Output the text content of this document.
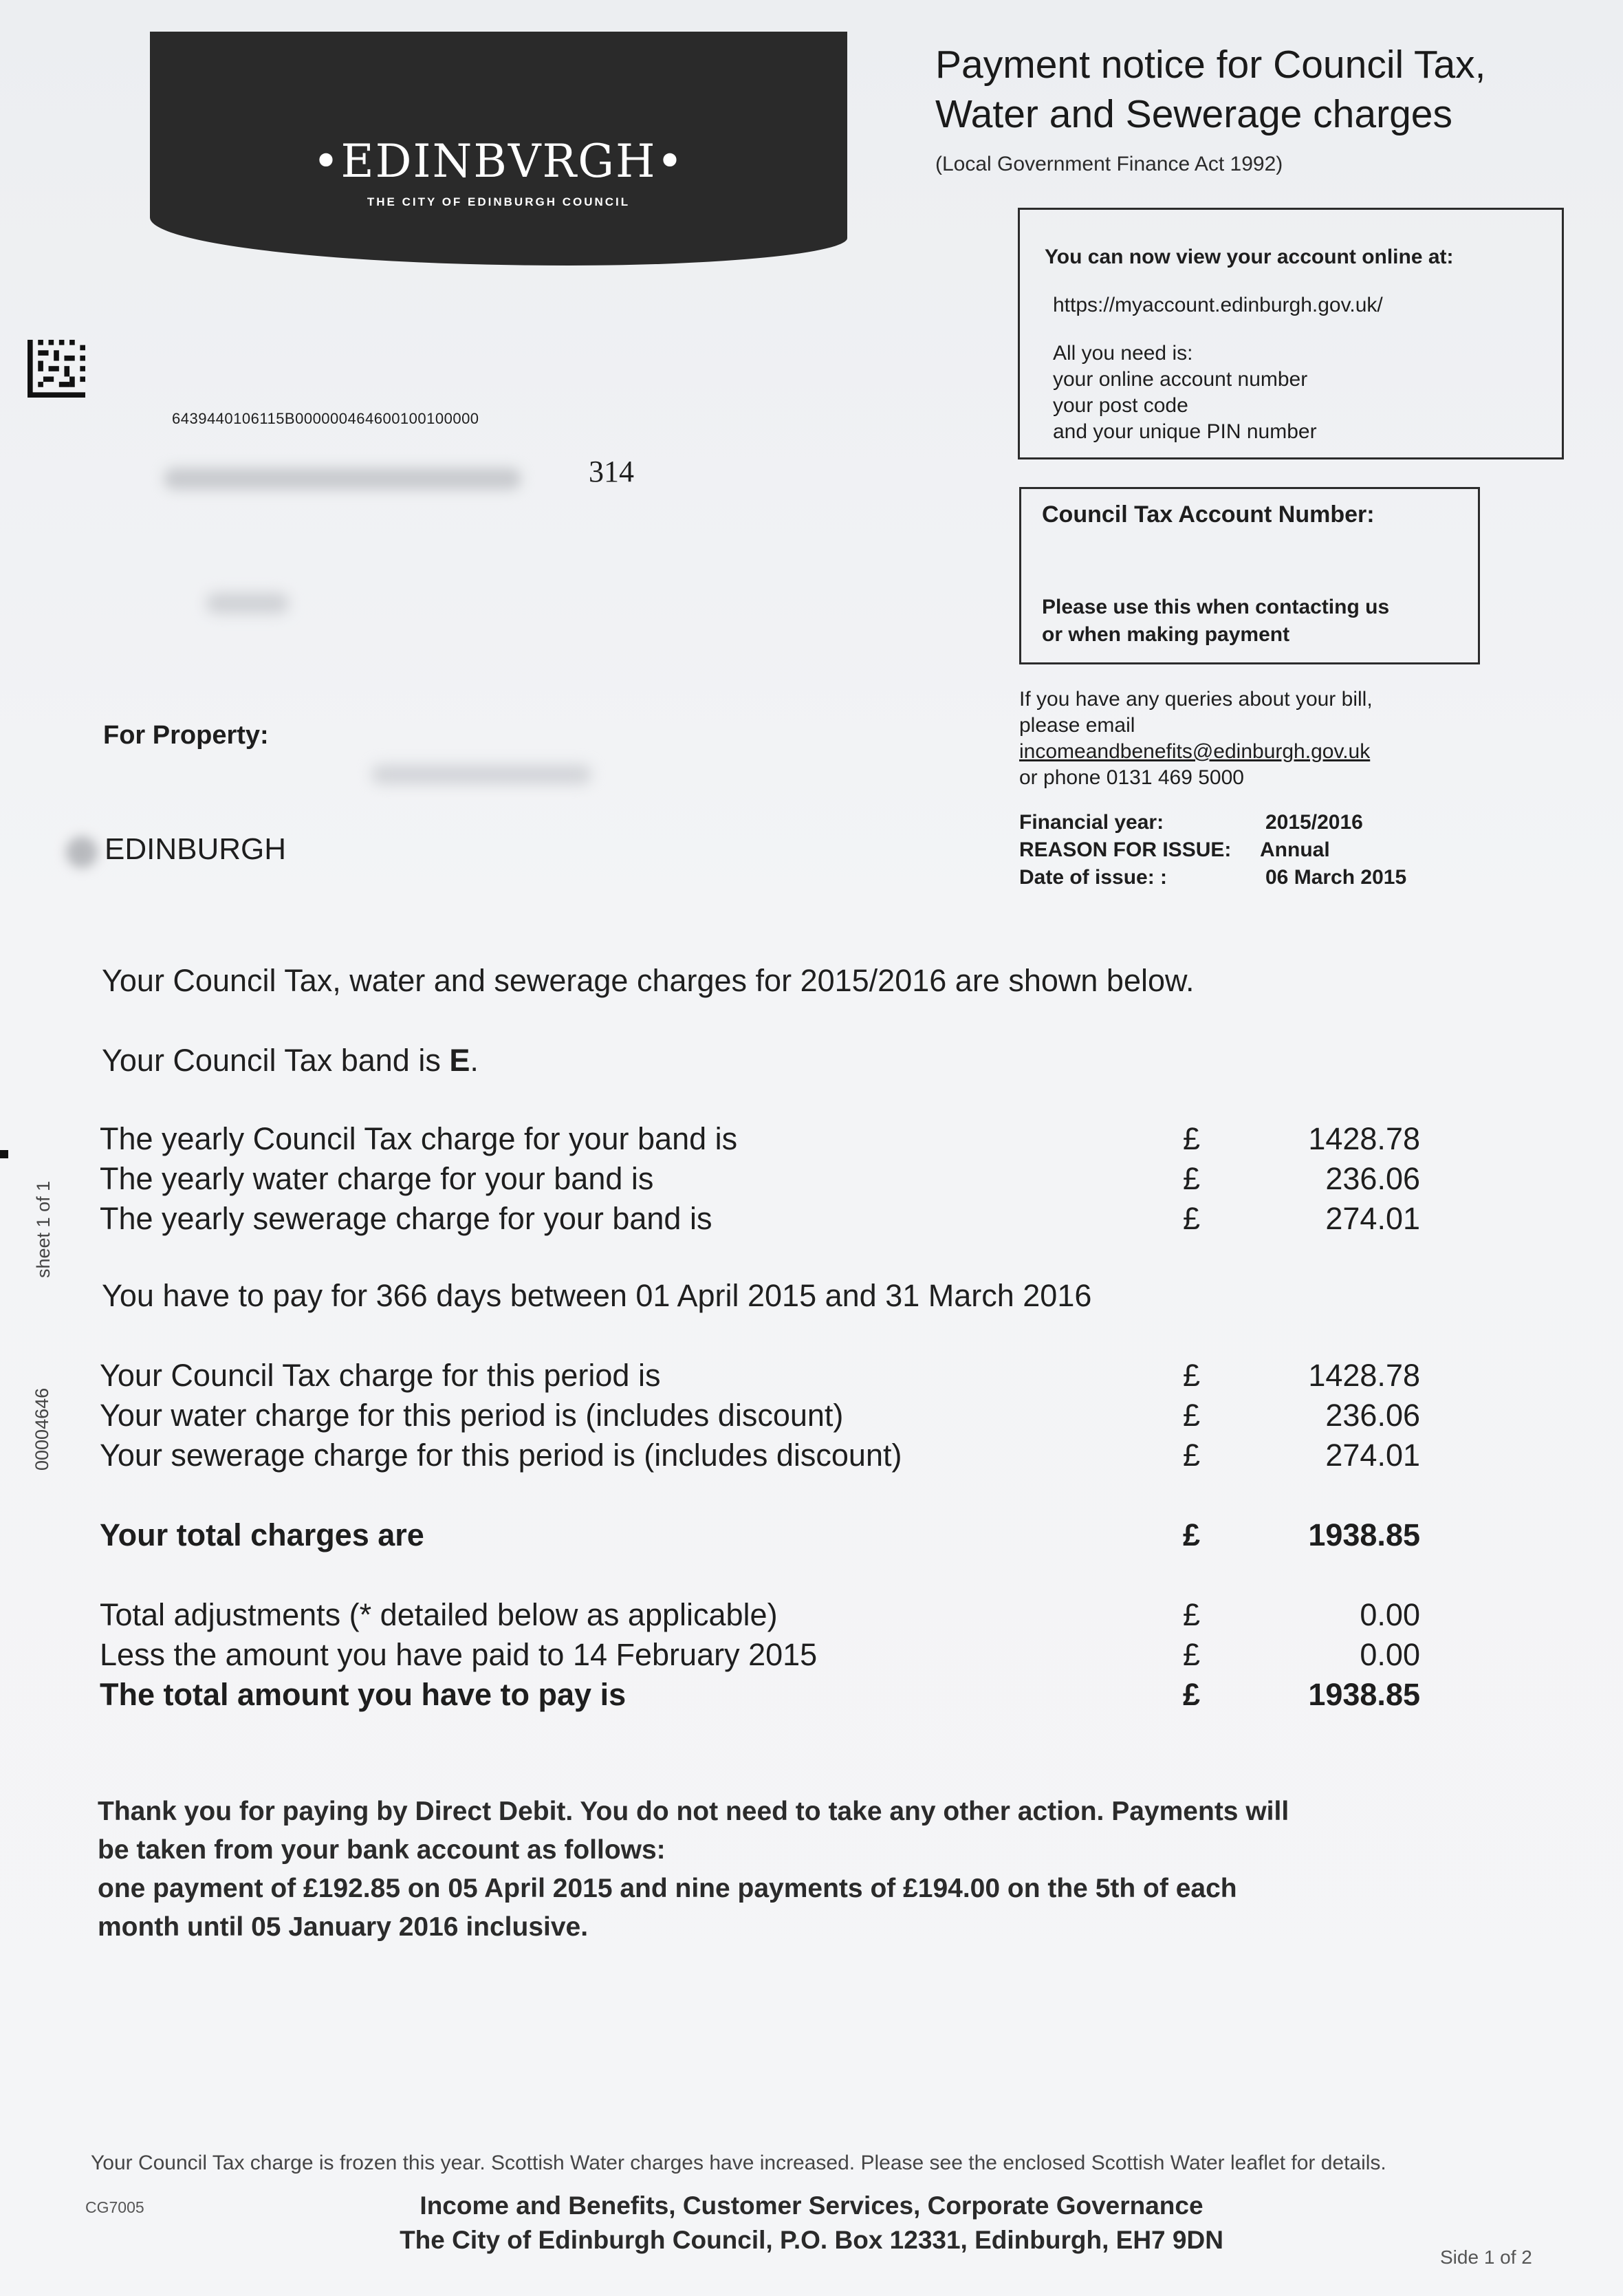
•EDINBVRGH•
THE CITY OF EDINBURGH COUNCIL
Payment notice for Council Tax,
Water and Sewerage charges
(Local Government Finance Act 1992)
You can now view your account online at:
https://myaccount.edinburgh.gov.uk/
All you need is:
your online account number
your post code
and your unique PIN number
Council Tax Account Number:
Please use this when contacting us
or when making payment
If you have any queries about your bill,
please email
incomeandbenefits@edinburgh.gov.uk
or phone 0131 469 5000
Financial year:	2015/2016
REASON FOR ISSUE: Annual
Date of issue: :	06 March 2015
6439440106115B000000464600100100000
314
For Property:
EDINBURGH
sheet 1 of 1
00004646
Your Council Tax, water and sewerage charges for 2015/2016 are shown below.
Your Council Tax band is E.
The yearly Council Tax charge for your band is	£	1428.78
The yearly water charge for your band is	£	236.06
The yearly sewerage charge for your band is	£	274.01
You have to pay for 366 days between 01 April 2015 and 31 March 2016
Your Council Tax charge for this period is	£	1428.78
Your water charge for this period is (includes discount)	£	236.06
Your sewerage charge for this period is (includes discount)	£	274.01
Your total charges are	£	1938.85
Total adjustments (* detailed below as applicable)	£	0.00
Less the amount you have paid to 14 February 2015	£	0.00
The total amount you have to pay is	£	1938.85
Thank you for paying by Direct Debit. You do not need to take any other action. Payments will
be taken from your bank account as follows:
one payment of £192.85 on 05 April 2015 and nine payments of £194.00 on the 5th of each
month until 05 January 2016 inclusive.
Your Council Tax charge is frozen this year. Scottish Water charges have increased. Please see the enclosed Scottish Water leaflet for details.
CG7005	Income and Benefits, Customer Services, Corporate Governance
The City of Edinburgh Council, P.O. Box 12331, Edinburgh, EH7 9DN
Side 1 of 2
